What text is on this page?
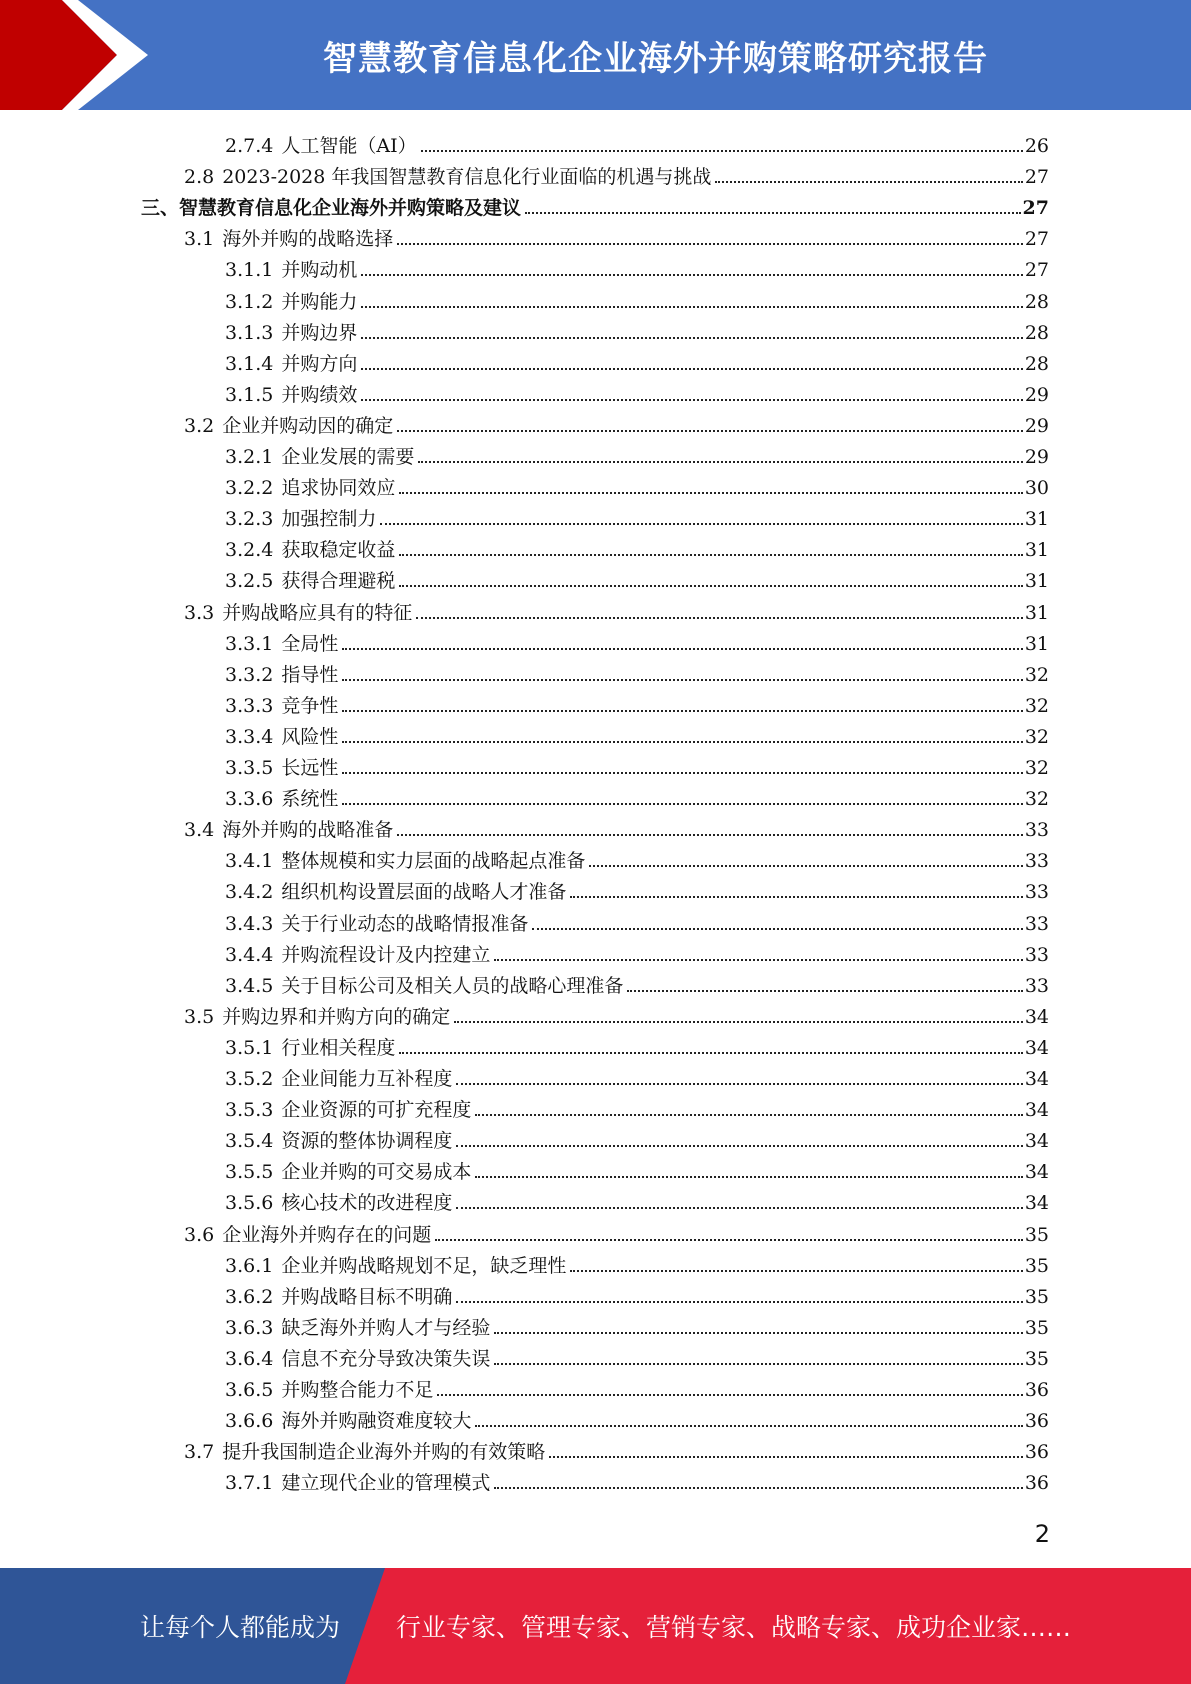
智慧教育信息化企业海外并购策略研究报告
2.7.4 人工智能（AI）	26
2.8 2023-2028 年我国智慧教育信息化行业面临的机遇与挑战	27
三、智慧教育信息化企业海外并购策略及建议	27
3.1 海外并购的战略选择	27
3.1.1 并购动机	27
3.1.2 并购能力	28
3.1.3 并购边界	28
3.1.4 并购方向	28
3.1.5 并购绩效	29
3.2 企业并购动因的确定	29
3.2.1 企业发展的需要	29
3.2.2 追求协同效应	30
3.2.3 加强控制力	31
3.2.4 获取稳定收益	31
3.2.5 获得合理避税	31
3.3 并购战略应具有的特征	31
3.3.1 全局性	31
3.3.2 指导性	32
3.3.3 竞争性	32
3.3.4 风险性	32
3.3.5 长远性	32
3.3.6 系统性	32
3.4 海外并购的战略准备	33
3.4.1 整体规模和实力层面的战略起点准备	33
3.4.2 组织机构设置层面的战略人才准备	33
3.4.3 关于行业动态的战略情报准备	33
3.4.4 并购流程设计及内控建立	33
3.4.5 关于目标公司及相关人员的战略心理准备	33
3.5 并购边界和并购方向的确定	34
3.5.1 行业相关程度	34
3.5.2 企业间能力互补程度	34
3.5.3 企业资源的可扩充程度	34
3.5.4 资源的整体协调程度	34
3.5.5 企业并购的可交易成本	34
3.5.6 核心技术的改进程度	34
3.6 企业海外并购存在的问题	35
3.6.1 企业并购战略规划不足，缺乏理性	35
3.6.2 并购战略目标不明确	35
3.6.3 缺乏海外并购人才与经验	35
3.6.4 信息不充分导致决策失误	35
3.6.5 并购整合能力不足	36
3.6.6 海外并购融资难度较大	36
3.7 提升我国制造企业海外并购的有效策略	36
3.7.1 建立现代企业的管理模式	36
2
让每个人都能成为	行业专家、管理专家、营销专家、战略专家、成功企业家……
